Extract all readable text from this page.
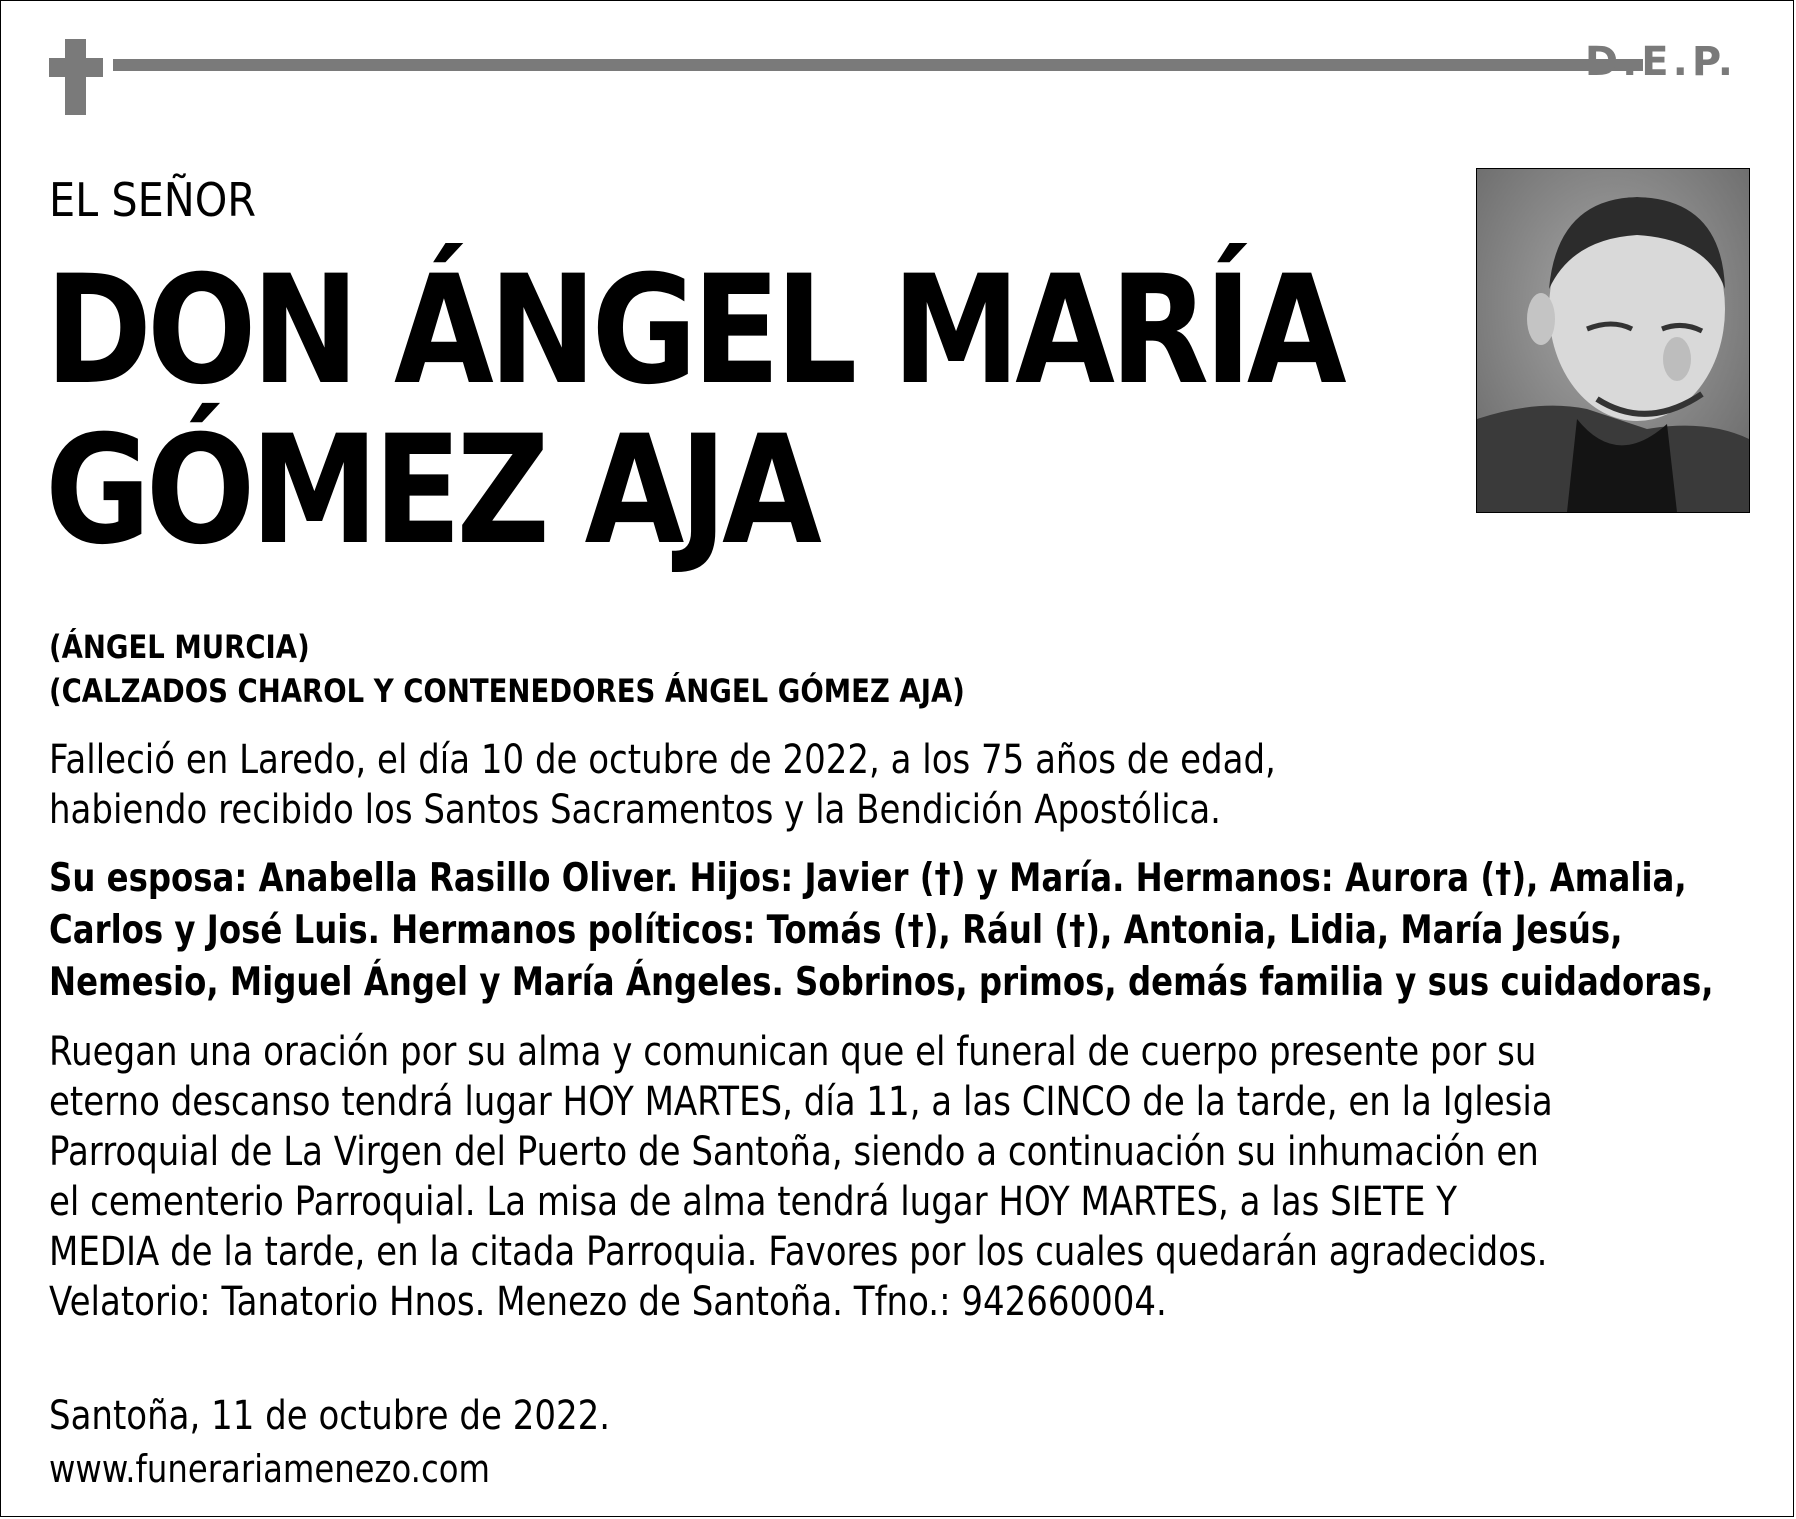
D.E.P.
EL SEÑOR
DON ÁNGEL MARÍA
GÓMEZ AJA
(ÁNGEL MURCIA)
(CALZADOS CHAROL Y CONTENEDORES ÁNGEL GÓMEZ AJA)
Falleció en Laredo, el día 10 de octubre de 2022, a los 75 años de edad,
habiendo recibido los Santos Sacramentos y la Bendición Apostólica.
Su esposa: Anabella Rasillo Oliver. Hijos: Javier (†) y María. Hermanos: Aurora (†), Amalia,
Carlos y José Luis. Hermanos políticos: Tomás (†), Rául (†), Antonia, Lidia, María Jesús,
Nemesio, Miguel Ángel y María Ángeles. Sobrinos, primos, demás familia y sus cuidadoras,
Ruegan una oración por su alma y comunican que el funeral de cuerpo presente por su
eterno descanso tendrá lugar HOY MARTES, día 11, a las CINCO de la tarde, en la Iglesia
Parroquial de La Virgen del Puerto de Santoña, siendo a continuación su inhumación en
el cementerio Parroquial. La misa de alma tendrá lugar HOY MARTES, a las SIETE Y
MEDIA de la tarde, en la citada Parroquia. Favores por los cuales quedarán agradecidos.
Velatorio: Tanatorio Hnos. Menezo de Santoña. Tfno.: 942660004.
Santoña, 11 de octubre de 2022.
www.funerariamenezo.com
